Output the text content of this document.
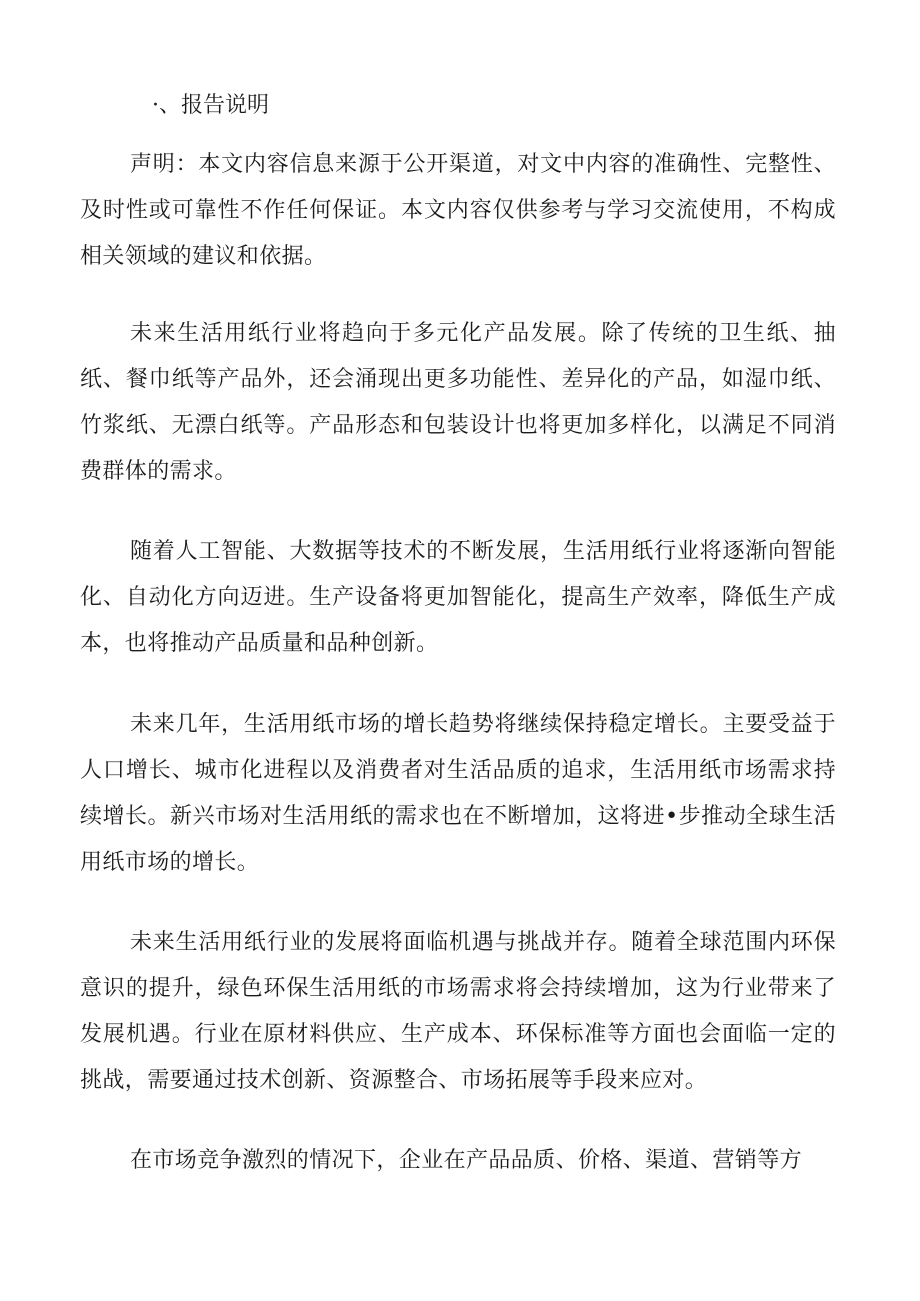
·、报告说明

声明：本文内容信息来源于公开渠道，对文中内容的准确性、完整性、及时性或可靠性不作任何保证。本文内容仅供参考与学习交流使用，不构成相关领域的建议和依据。

未来生活用纸行业将趋向于多元化产品发展。除了传统的卫生纸、抽纸、餐巾纸等产品外，还会涌现出更多功能性、差异化的产品，如湿巾纸、竹浆纸、无漂白纸等。产品形态和包装设计也将更加多样化，以满足不同消费群体的需求。

随着人工智能、大数据等技术的不断发展，生活用纸行业将逐渐向智能化、自动化方向迈进。生产设备将更加智能化，提高生产效率，降低生产成本，也将推动产品质量和品种创新。

未来几年，生活用纸市场的增长趋势将继续保持稳定增长。主要受益于人口增长、城市化进程以及消费者对生活品质的追求，生活用纸市场需求持续增长。新兴市场对生活用纸的需求也在不断增加，这将进•步推动全球生活用纸市场的增长。

未来生活用纸行业的发展将面临机遇与挑战并存。随着全球范围内环保意识的提升，绿色环保生活用纸的市场需求将会持续增加，这为行业带来了发展机遇。行业在原材料供应、生产成本、环保标准等方面也会面临一定的挑战，需要通过技术创新、资源整合、市场拓展等手段来应对。

在市场竞争激烈的情况下，企业在产品品质、价格、渠道、营销等方
